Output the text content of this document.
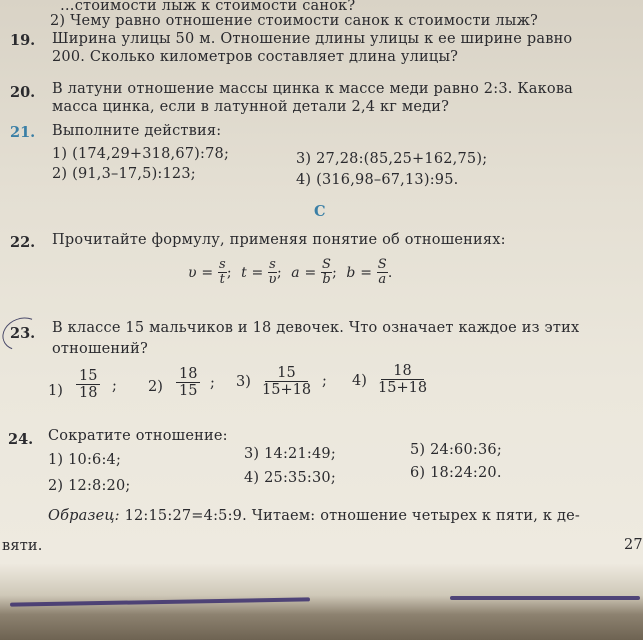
…стоимости лыж к стоимости санок?
2) Чему равно отношение стоимости санок к стоимости лыж?
19. Ширина улицы 50 м. Отношение длины улицы к ее ширине равно
200. Сколько километров составляет длина улицы?
20. В латуни отношение массы цинка к массе меди равно 2:3. Какова
масса цинка, если в латунной детали 2,4 кг меди?
21. Выполните действия:
1) (174,29+318,67):78;
2) (91,3–17,5):123;
3) 27,28:(85,25+162,75);
4) (316,98–67,13):95.
С
22. Прочитайте формулу, применяя понятие об отношениях:
$\upsilon = \frac{s}{t}$ ; $t = \frac{s}{\upsilon}$ ; $a = \frac{S}{b}$ ; $b = \frac{S}{a}$ .
23. В классе 15 мальчиков и 18 девочек. Что означает каждое из этих
отношений?
$1) \frac{15}{18}$ ; $2) \frac{18}{15}$ ; $3) \frac{15}{15+18}$ ; $4) \frac{18}{15+18}$
24. Сократите отношение:
1) 10:6:4;
2) 12:8:20;
3) 14:21:49;
4) 25:35:30;
5) 24:60:36;
6) 18:24:20.
Образец: 12:15:27=4:5:9. Читаем: отношение четырех к пяти, к де-
вяти.	27
